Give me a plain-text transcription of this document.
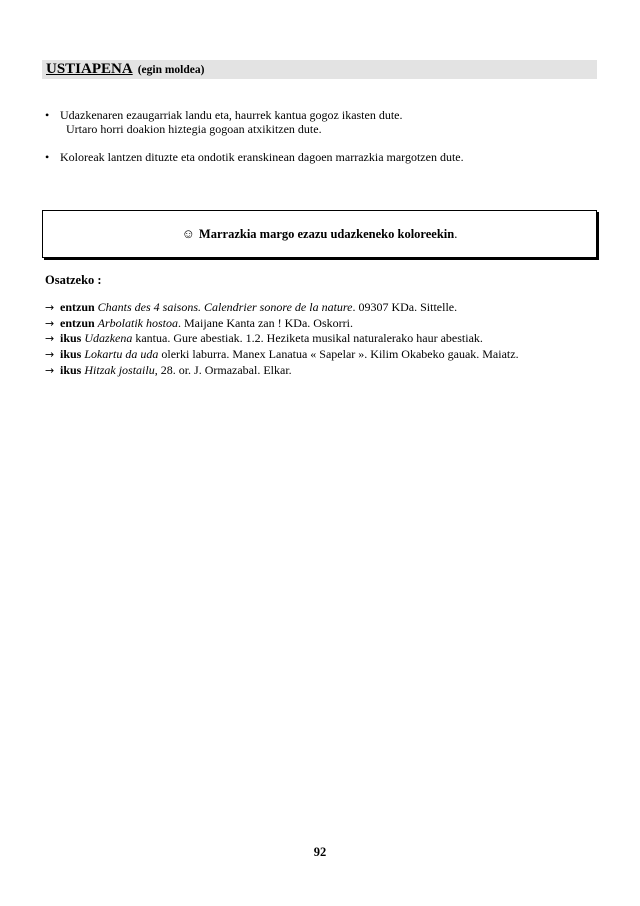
USTIAPENA (egin moldea)
• Udazkenaren ezaugarriak landu eta, haurrek kantua gogoz ikasten dute.
Urtaro horri doakion hiztegia gogoan atxikitzen dute.
• Koloreak lantzen dituzte eta ondotik eranskinean dagoen marrazkia margotzen dute.
☺ Marrazkia margo ezazu udazkeneko koloreekin .
Osatzeko :
→ entzun Chants des 4 saisons. Calendrier sonore de la nature. 09307 KDa. Sittelle.
→ entzun Arbolatik hostoa. Maijane Kanta zan ! KDa. Oskorri.
→ ikus Udazkena kantua. Gure abestiak. 1.2. Heziketa musikal naturalerako haur abestiak.
→ ikus Lokartu da uda olerki laburra. Manex Lanatua « Sapelar ». Kilim Okabeko gauak. Maiatz.
→ ikus Hitzak jostailu, 28. or. J. Ormazabal. Elkar.
92
